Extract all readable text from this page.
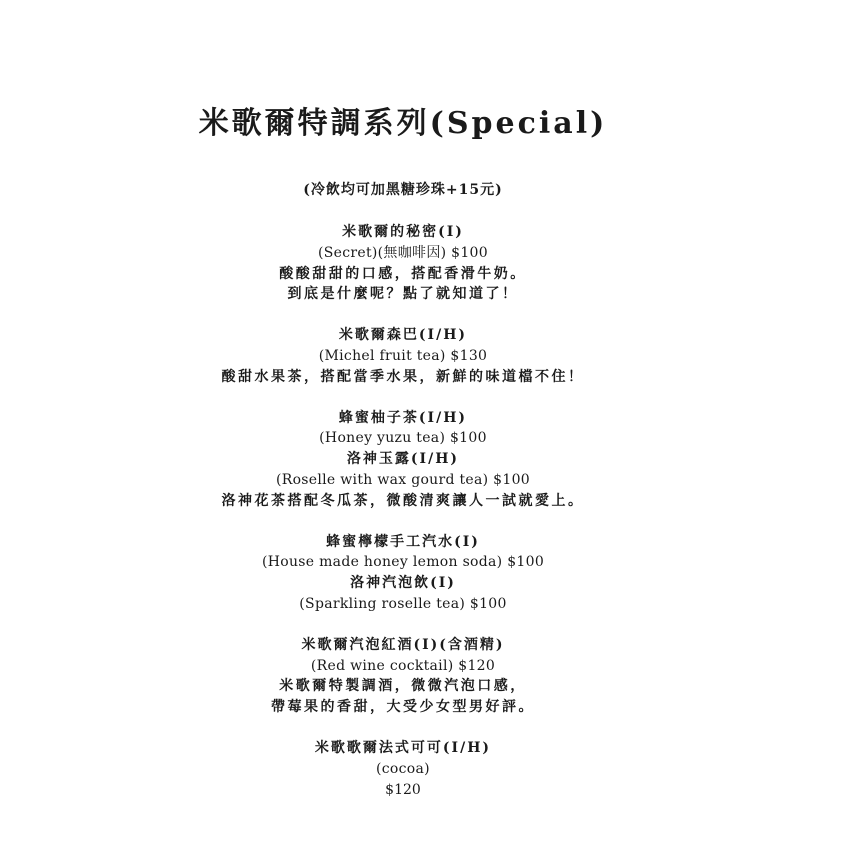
米歌爾特調系列(Special)
(冷飲均可加黑糖珍珠+15元)
米歌爾的秘密(I)
(Secret)(無咖啡因) $100
酸酸甜甜的口感，搭配香滑牛奶。
到底是什麼呢？點了就知道了！
米歌爾森巴(I/H)
(Michel fruit tea) $130
酸甜水果茶，搭配當季水果，新鮮的味道檔不住！
蜂蜜柚子茶(I/H)
(Honey yuzu tea) $100
洛神玉露(I/H)
(Roselle with wax gourd tea) $100
洛神花茶搭配冬瓜茶，微酸清爽讓人一試就愛上。
蜂蜜檸檬手工汽水(I)
(House made honey lemon soda) $100
洛神汽泡飲(I)
(Sparkling roselle tea) $100
米歌爾汽泡紅酒(I)(含酒精)
(Red wine cocktail) $120
米歌爾特製調酒，微微汽泡口感，
帶莓果的香甜，大受少女型男好評。
米歌歌爾法式可可(I/H)
(cocoa)
$120
